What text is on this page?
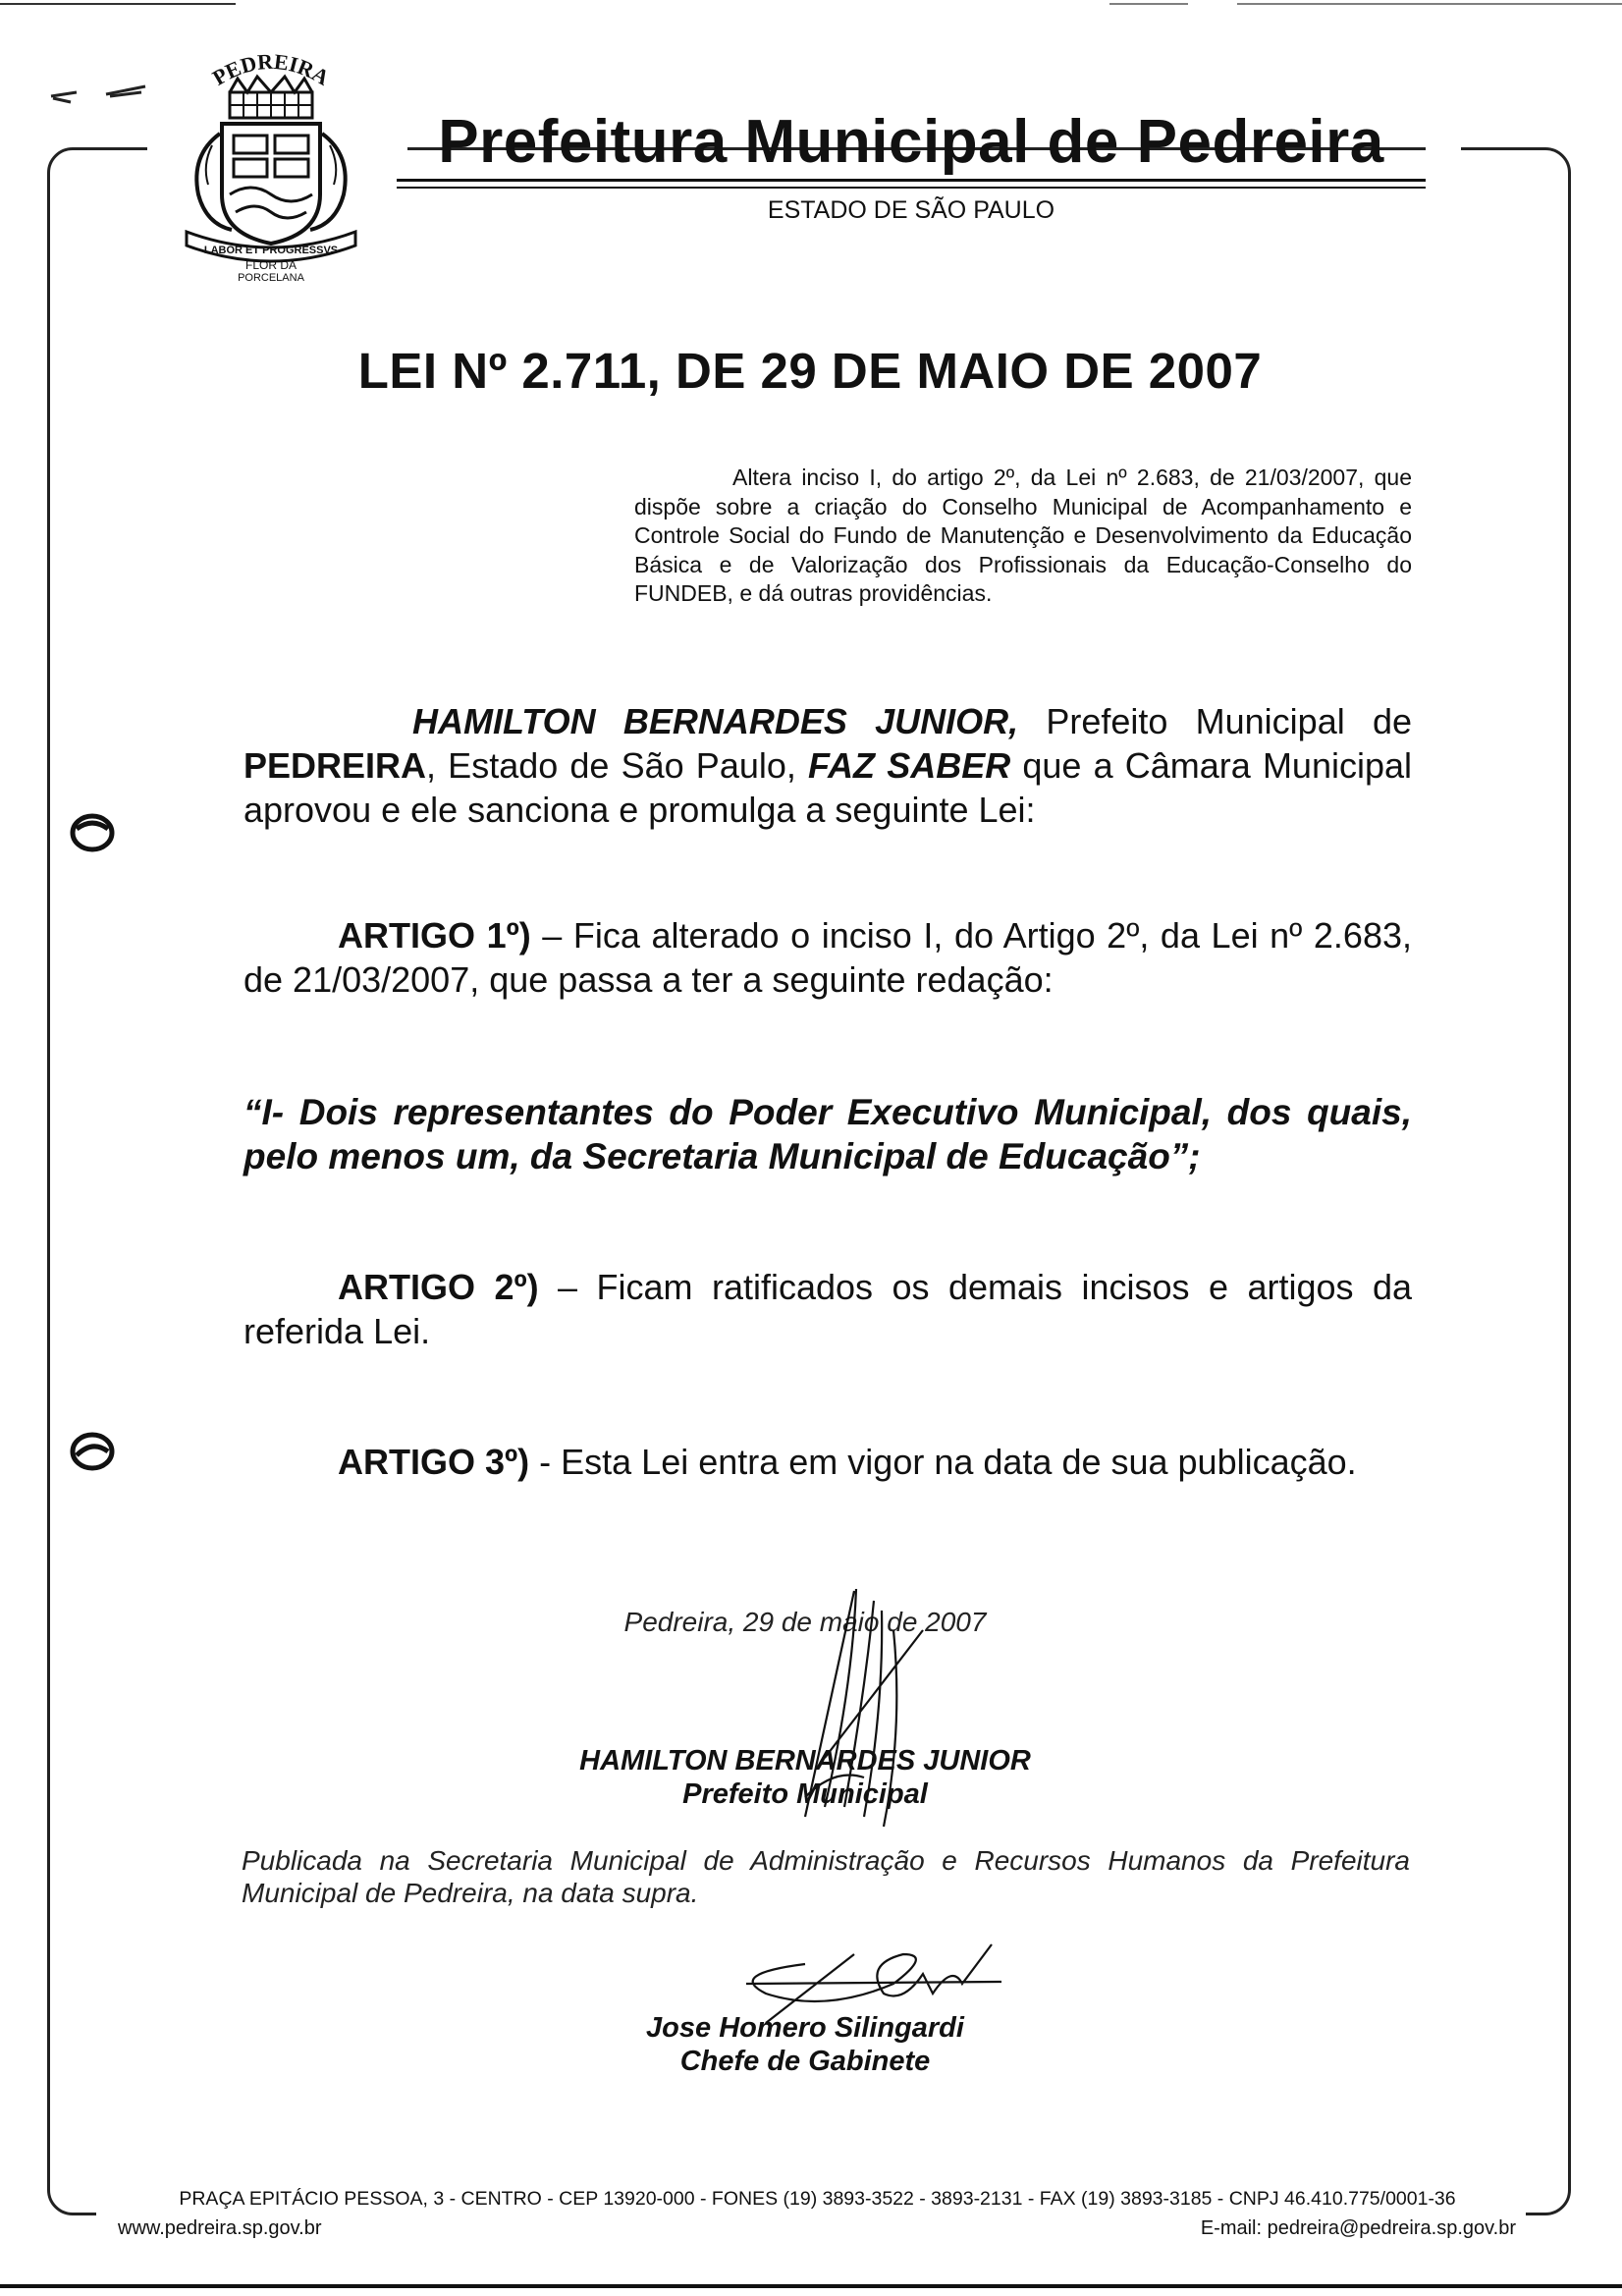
PEDREIRA
LABOR ET PROGRESSVS
FLOR DA
PORCELANA
Prefeitura Municipal de Pedreira
ESTADO DE SÃO PAULO
LEI Nº 2.711, DE 29 DE MAIO DE 2007
Altera inciso I, do artigo 2º, da Lei nº 2.683, de 21/03/2007, que dispõe sobre a criação do Conselho Municipal de Acompanhamento e Controle Social do Fundo de Manutenção e Desenvolvimento da Educação Básica e de Valorização dos Profissionais da Educação-Conselho do FUNDEB, e dá outras providências.
HAMILTON BERNARDES JUNIOR, Prefeito Municipal de PEDREIRA, Estado de São Paulo, FAZ SABER que a Câmara Municipal aprovou e ele sanciona e promulga a seguinte Lei:
ARTIGO 1º) – Fica alterado o inciso I, do Artigo 2º, da Lei nº 2.683, de 21/03/2007, que passa a ter a seguinte redação:
“I- Dois representantes do Poder Executivo Municipal, dos quais, pelo menos um, da Secretaria Municipal de Educação”;
ARTIGO 2º) – Ficam ratificados os demais incisos e artigos da referida Lei.
ARTIGO 3º) - Esta Lei entra em vigor na data de sua publicação.
Pedreira, 29 de maio de 2007
HAMILTON BERNARDES JUNIOR
Prefeito Municipal
Publicada na Secretaria Municipal de Administração e Recursos Humanos da Prefeitura Municipal de Pedreira, na data supra.
Jose Homero Silingardi
Chefe de Gabinete
PRAÇA EPITÁCIO PESSOA, 3 - CENTRO - CEP 13920-000 - FONES (19) 3893-3522 - 3893-2131 - FAX (19) 3893-3185 - CNPJ 46.410.775/0001-36
www.pedreira.sp.gov.br	E-mail: pedreira@pedreira.sp.gov.br
